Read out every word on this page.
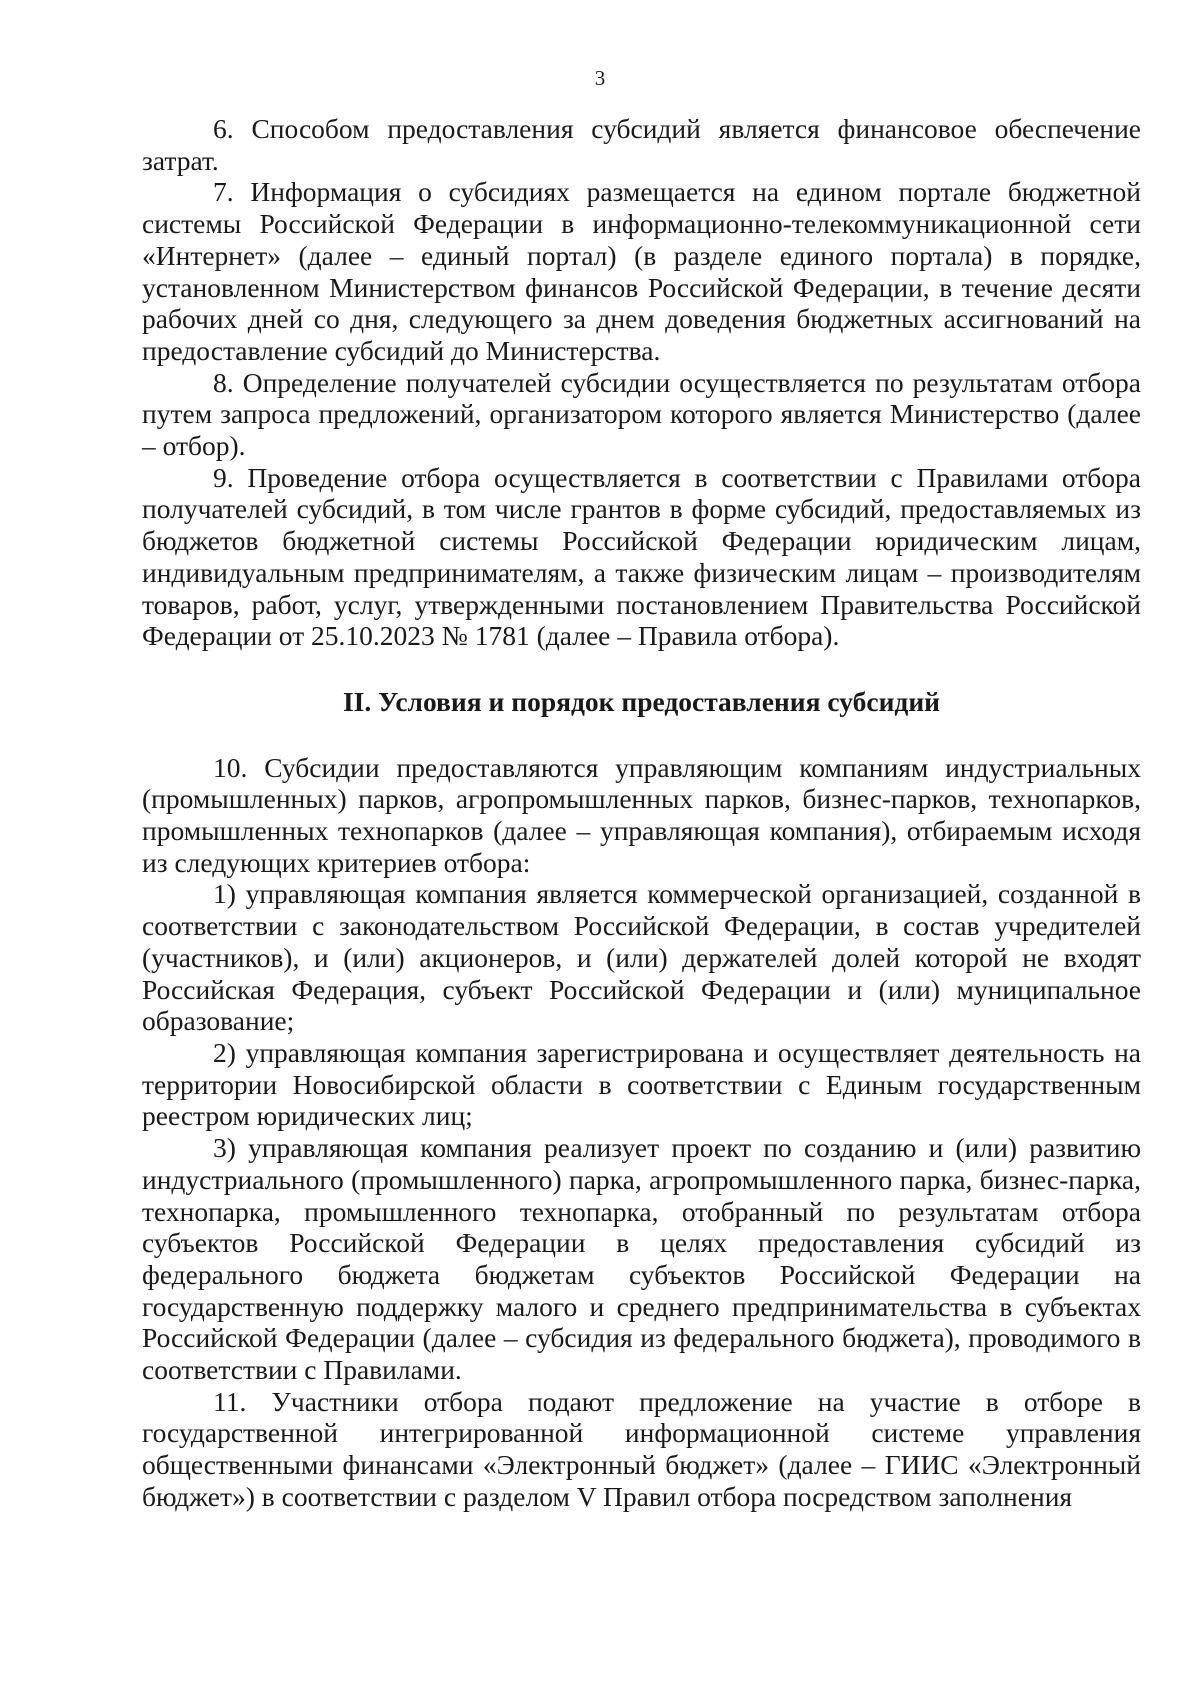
3

6. Способом предоставления субсидий является финансовое обеспечение затрат.

7. Информация о субсидиях размещается на едином портале бюджетной системы Российской Федерации в информационно-телекоммуникационной сети «Интернет» (далее – единый портал) (в разделе единого портала) в порядке, установленном Министерством финансов Российской Федерации, в течение десяти рабочих дней со дня, следующего за днем доведения бюджетных ассигнований на предоставление субсидий до Министерства.

8. Определение получателей субсидии осуществляется по результатам отбора путем запроса предложений, организатором которого является Министерство (далее – отбор).

9. Проведение отбора осуществляется в соответствии с Правилами отбора получателей субсидий, в том числе грантов в форме субсидий, предоставляемых из бюджетов бюджетной системы Российской Федерации юридическим лицам, индивидуальным предпринимателям, а также физическим лицам – производителям товаров, работ, услуг, утвержденными постановлением Правительства Российской Федерации от 25.10.2023 № 1781 (далее – Правила отбора).

II. Условия и порядок предоставления субсидий

10. Субсидии предоставляются управляющим компаниям индустриальных (промышленных) парков, агропромышленных парков, бизнес-парков, технопарков, промышленных технопарков (далее – управляющая компания), отбираемым исходя из следующих критериев отбора:

1) управляющая компания является коммерческой организацией, созданной в соответствии с законодательством Российской Федерации, в состав учредителей (участников), и (или) акционеров, и (или) держателей долей которой не входят Российская Федерация, субъект Российской Федерации и (или) муниципальное образование;

2) управляющая компания зарегистрирована и осуществляет деятельность на территории Новосибирской области в соответствии с Единым государственным реестром юридических лиц;

3) управляющая компания реализует проект по созданию и (или) развитию индустриального (промышленного) парка, агропромышленного парка, бизнес-парка, технопарка, промышленного технопарка, отобранный по результатам отбора субъектов Российской Федерации в целях предоставления субсидий из федерального бюджета бюджетам субъектов Российской Федерации на государственную поддержку малого и среднего предпринимательства в субъектах Российской Федерации (далее – субсидия из федерального бюджета), проводимого в соответствии с Правилами.

11. Участники отбора подают предложение на участие в отборе в государственной интегрированной информационной системе управления общественными финансами «Электронный бюджет» (далее – ГИИС «Электронный бюджет») в соответствии с разделом V Правил отбора посредством заполнения
